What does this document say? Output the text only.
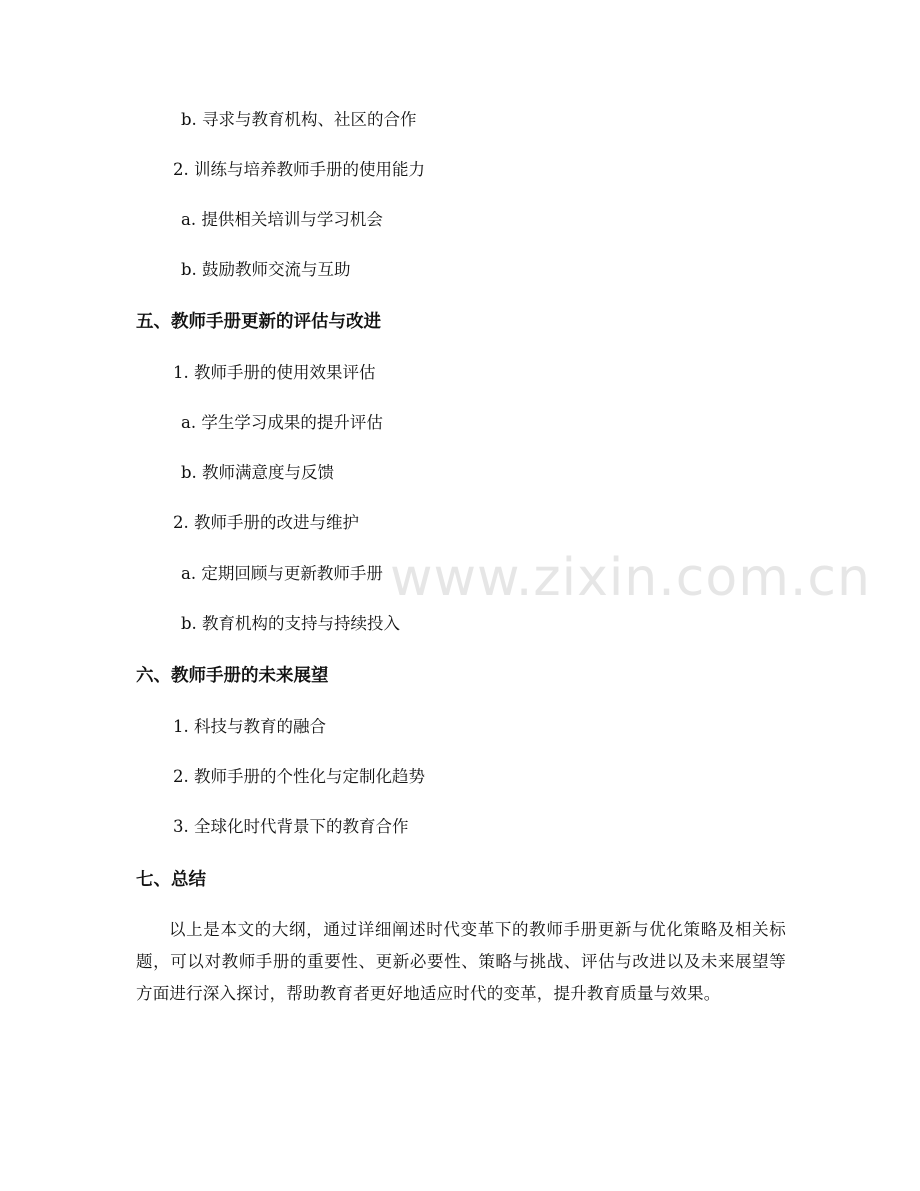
www.zixin.com.cn
b. 寻求与教育机构、社区的合作
2. 训练与培养教师手册的使用能力
a. 提供相关培训与学习机会
b. 鼓励教师交流与互助
五、教师手册更新的评估与改进
1. 教师手册的使用效果评估
a. 学生学习成果的提升评估
b. 教师满意度与反馈
2. 教师手册的改进与维护
a. 定期回顾与更新教师手册
b. 教育机构的支持与持续投入
六、教师手册的未来展望
1. 科技与教育的融合
2. 教师手册的个性化与定制化趋势
3. 全球化时代背景下的教育合作
七、总结
以上是本文的大纲，通过详细阐述时代变革下的教师手册更新与优化策略及相关标题，可以对教师手册的重要性、更新必要性、策略与挑战、评估与改进以及未来展望等方面进行深入探讨，帮助教育者更好地适应时代的变革，提升教育质量与效果。
